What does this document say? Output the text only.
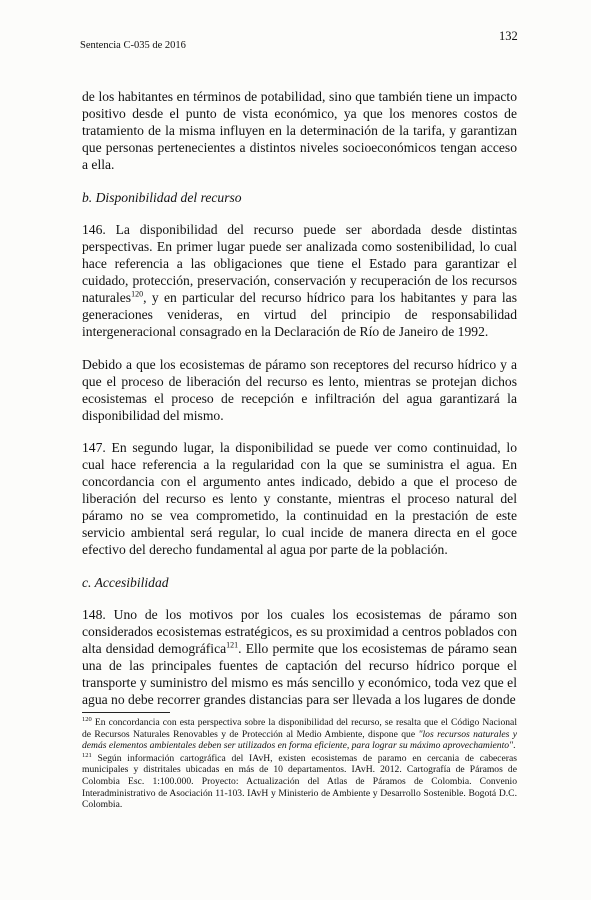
Sentencia C-035 de 2016
132

de los habitantes en términos de potabilidad, sino que también tiene un impacto positivo desde el punto de vista económico, ya que los menores costos de tratamiento de la misma influyen en la determinación de la tarifa, y garantizan que personas pertenecientes a distintos niveles socioeconómicos tengan acceso a ella.

b. Disponibilidad del recurso

146. La disponibilidad del recurso puede ser abordada desde distintas perspectivas. En primer lugar puede ser analizada como sostenibilidad, lo cual hace referencia a las obligaciones que tiene el Estado para garantizar el cuidado, protección, preservación, conservación y recuperación de los recursos naturales$^{120}$, y en particular del recurso hídrico para los habitantes y para las generaciones venideras, en virtud del principio de responsabilidad intergeneracional consagrado en la Declaración de Río de Janeiro de 1992.

Debido a que los ecosistemas de páramo son receptores del recurso hídrico y a que el proceso de liberación del recurso es lento, mientras se protejan dichos ecosistemas el proceso de recepción e infiltración del agua garantizará la disponibilidad del mismo.

147. En segundo lugar, la disponibilidad se puede ver como continuidad, lo cual hace referencia a la regularidad con la que se suministra el agua. En concordancia con el argumento antes indicado, debido a que el proceso de liberación del recurso es lento y constante, mientras el proceso natural del páramo no se vea comprometido, la continuidad en la prestación de este servicio ambiental será regular, lo cual incide de manera directa en el goce efectivo del derecho fundamental al agua por parte de la población.

c. Accesibilidad

148. Uno de los motivos por los cuales los ecosistemas de páramo son considerados ecosistemas estratégicos, es su proximidad a centros poblados con alta densidad demográfica$^{121}$. Ello permite que los ecosistemas de páramo sean una de las principales fuentes de captación del recurso hídrico porque el transporte y suministro del mismo es más sencillo y económico, toda vez que el agua no debe recorrer grandes distancias para ser llevada a los lugares de donde

$^{120}$ En concordancia con esta perspectiva sobre la disponibilidad del recurso, se resalta que el Código Nacional de Recursos Naturales Renovables y de Protección al Medio Ambiente, dispone que "los recursos naturales y demás elementos ambientales deben ser utilizados en forma eficiente, para lograr su máximo aprovechamiento".

$^{121}$ Según información cartográfica del IAvH, existen ecosistemas de paramo en cercania de cabeceras municipales y distritales ubicadas en más de 10 departamentos. IAvH. 2012. Cartografía de Páramos de Colombia Esc. 1:100.000. Proyecto: Actualización del Atlas de Páramos de Colombia. Convenio Interadministrativo de Asociación 11-103. IAvH y Ministerio de Ambiente y Desarrollo Sostenible. Bogotá D.C. Colombia.
